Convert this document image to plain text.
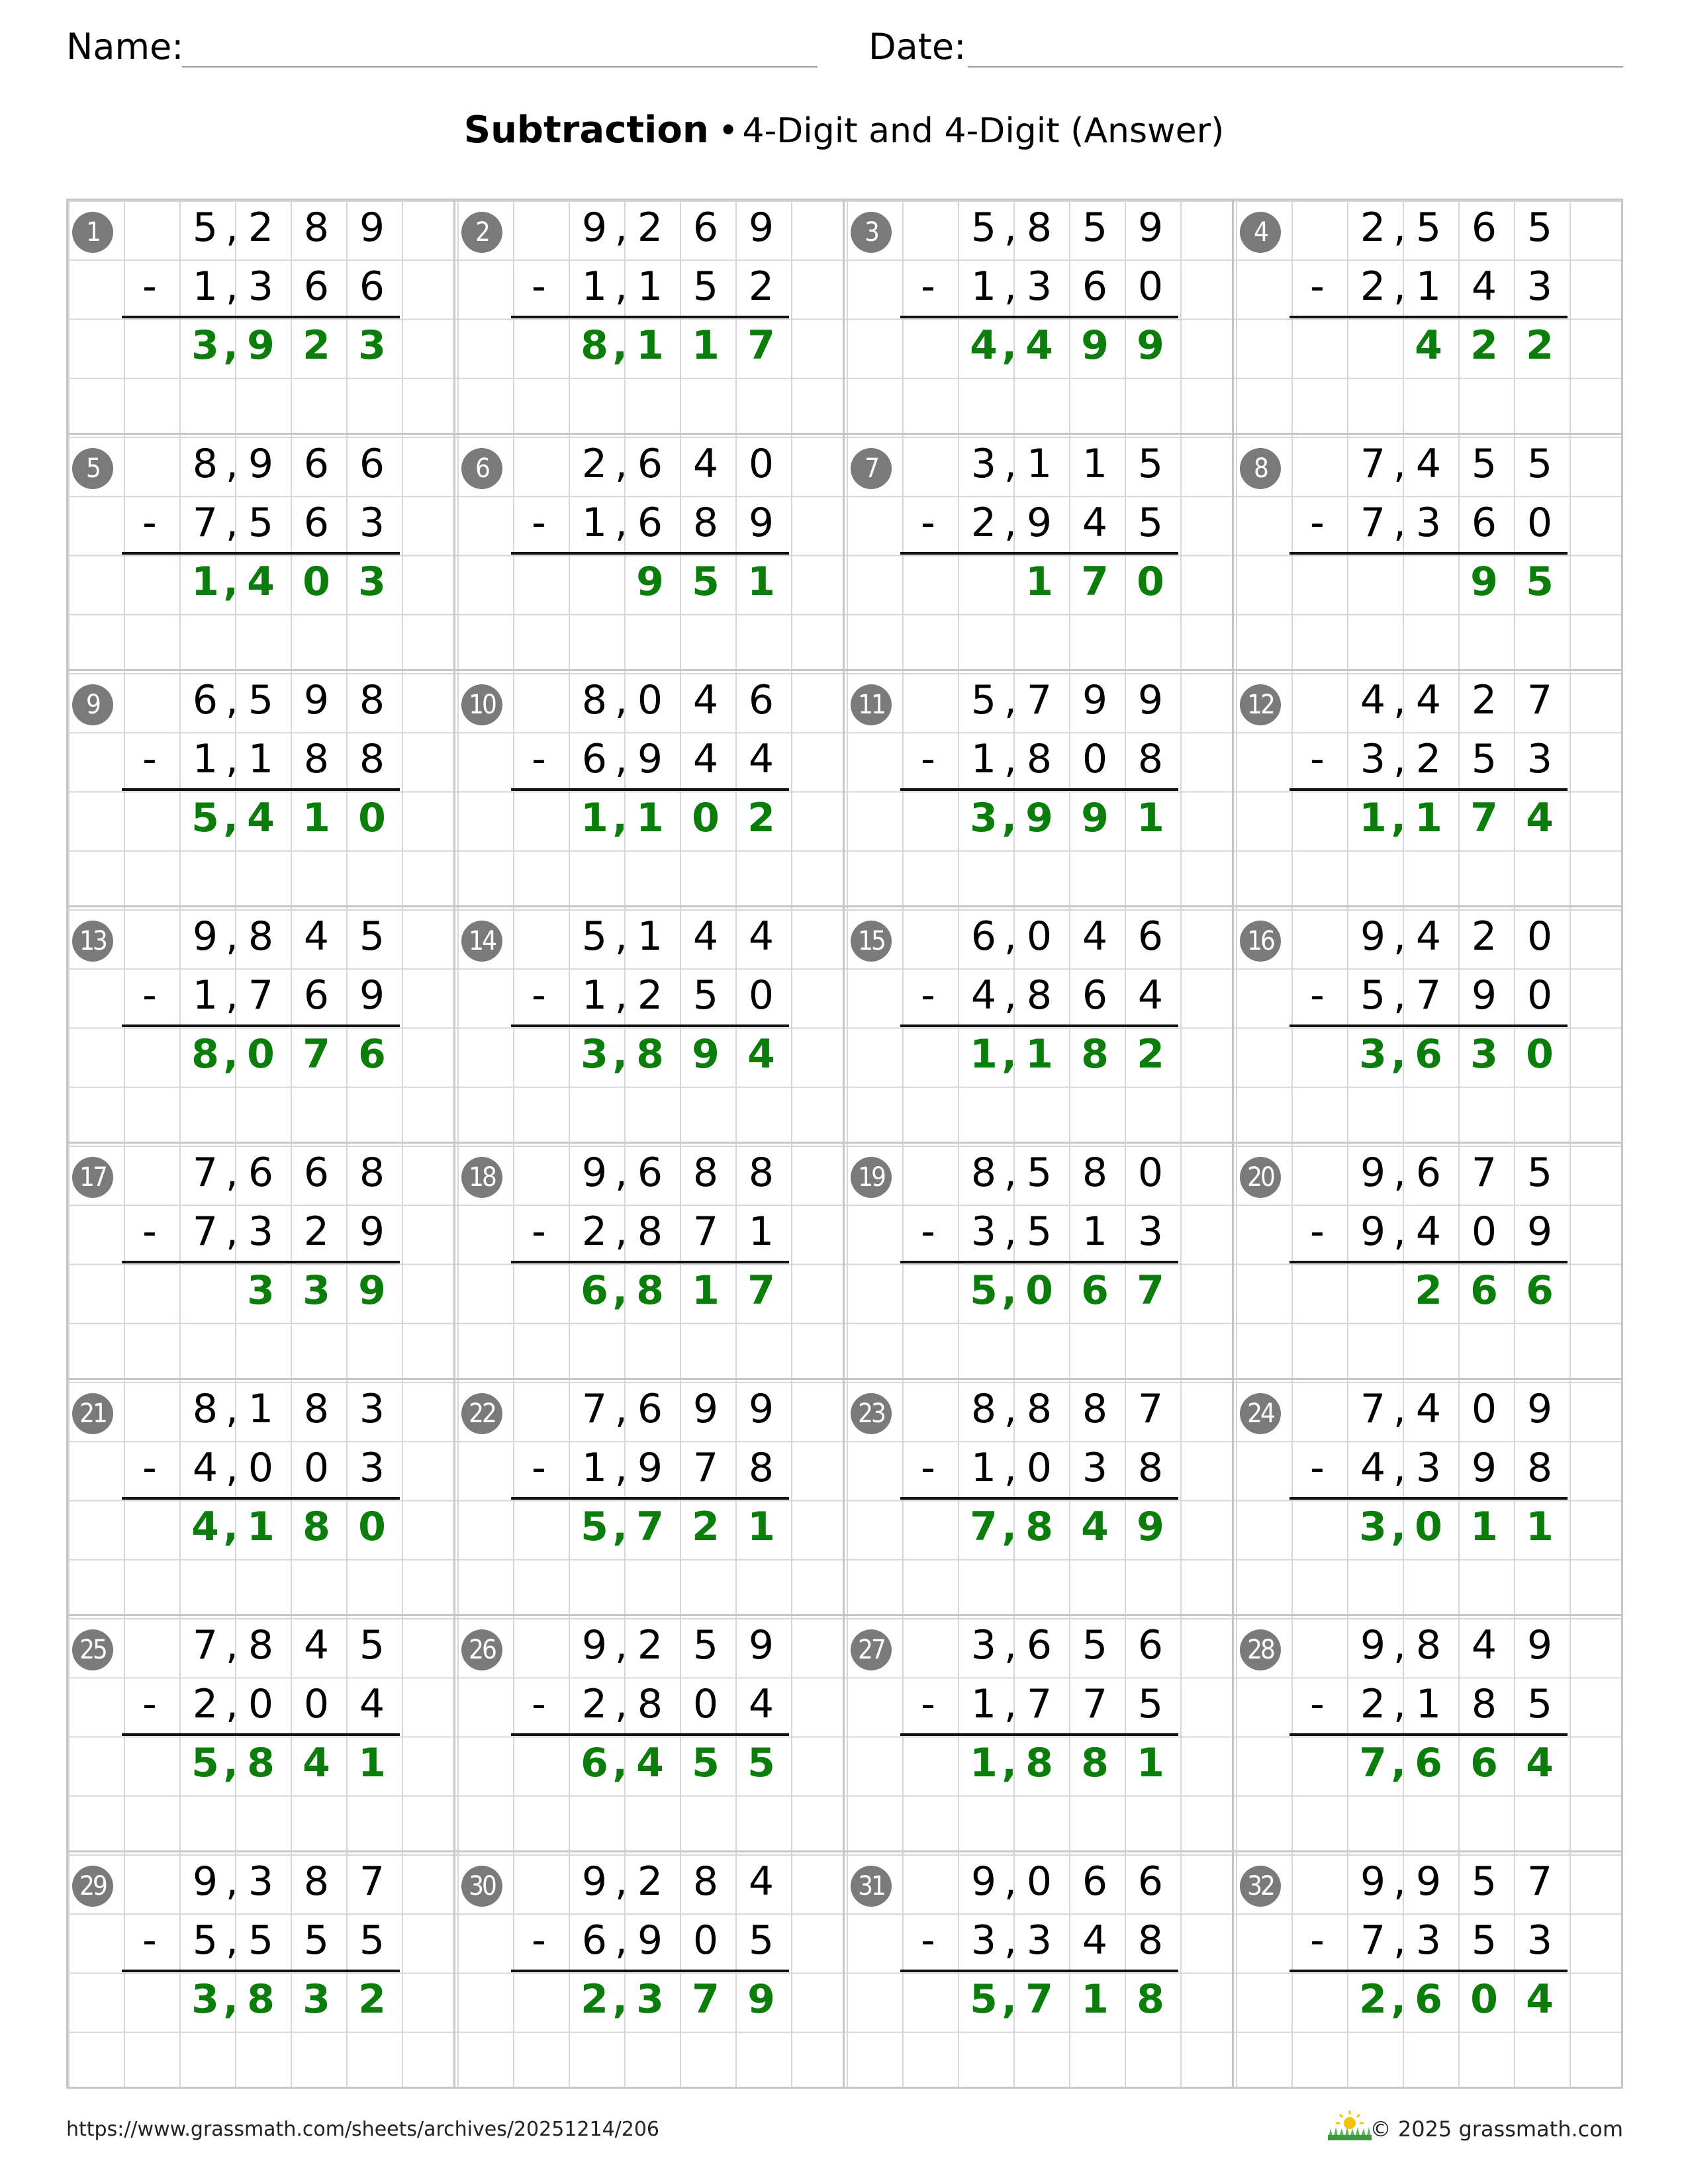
Name:	Date:
Subtraction • 4-Digit and 4-Digit (Answer)
1	5 , 2 8 9
- 1 , 3 6 6
3 , 9 2 3
2	9 , 2 6 9
- 1 , 1 5 2
8 , 1 1 7
3	5 , 8 5 9
- 1 , 3 6 0
4 , 4 9 9
4	2 , 5 6 5
- 2 , 1 4 3
4 2 2
5	8 , 9 6 6
- 7 , 5 6 3
1 , 4 0 3
6	2 , 6 4 0
- 1 , 6 8 9
9 5 1
7	3 , 1 1 5
- 2 , 9 4 5
1 7 0
8	7 , 4 5 5
- 7 , 3 6 0
9 5
9	6 , 5 9 8
- 1 , 1 8 8
5 , 4 1 0
10	8 , 0 4 6
- 6 , 9 4 4
1 , 1 0 2
11	5 , 7 9 9
- 1 , 8 0 8
3 , 9 9 1
12	4 , 4 2 7
- 3 , 2 5 3
1 , 1 7 4
13	9 , 8 4 5
- 1 , 7 6 9
8 , 0 7 6
14	5 , 1 4 4
- 1 , 2 5 0
3 , 8 9 4
15	6 , 0 4 6
- 4 , 8 6 4
1 , 1 8 2
16	9 , 4 2 0
- 5 , 7 9 0
3 , 6 3 0
17	7 , 6 6 8
- 7 , 3 2 9
3 3 9
18	9 , 6 8 8
- 2 , 8 7 1
6 , 8 1 7
19	8 , 5 8 0
- 3 , 5 1 3
5 , 0 6 7
20	9 , 6 7 5
- 9 , 4 0 9
2 6 6
21	8 , 1 8 3
- 4 , 0 0 3
4 , 1 8 0
22	7 , 6 9 9
- 1 , 9 7 8
5 , 7 2 1
23	8 , 8 8 7
- 1 , 0 3 8
7 , 8 4 9
24	7 , 4 0 9
- 4 , 3 9 8
3 , 0 1 1
25	7 , 8 4 5
- 2 , 0 0 4
5 , 8 4 1
26	9 , 2 5 9
- 2 , 8 0 4
6 , 4 5 5
27	3 , 6 5 6
- 1 , 7 7 5
1 , 8 8 1
28	9 , 8 4 9
- 2 , 1 8 5
7 , 6 6 4
29	9 , 3 8 7
- 5 , 5 5 5
3 , 8 3 2
30	9 , 2 8 4
- 6 , 9 0 5
2 , 3 7 9
31	9 , 0 6 6
- 3 , 3 4 8
5 , 7 1 8
32	9 , 9 5 7
- 7 , 3 5 3
2 , 6 0 4
https://www.grassmath.com/sheets/archives/20251214/206	© 2025 grassmath.com
